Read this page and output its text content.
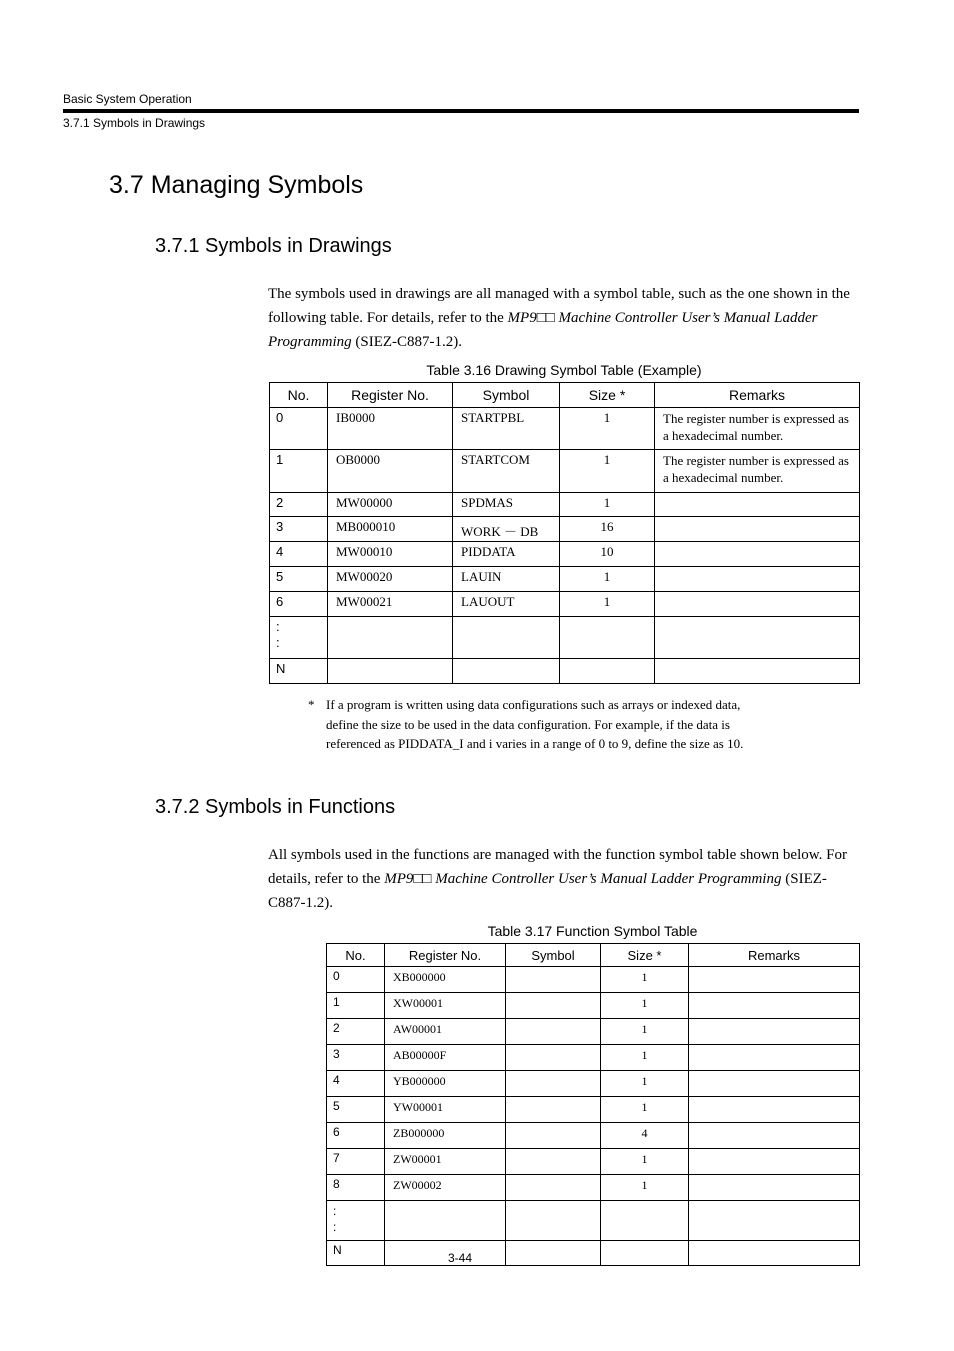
Basic System Operation
3.7.1 Symbols in Drawings
3.7 Managing Symbols
3.7.1 Symbols in Drawings
The symbols used in drawings are all managed with a symbol table, such as the one shown in the following table. For details, refer to the MP9□□ Machine Controller User’s Manual Ladder Programming (SIEZ-C887-1.2).
Table 3.16 Drawing Symbol Table (Example)
No.	Register No.	Symbol	Size *	Remarks
0	IB0000	STARTPBL	1	The register number is expressed as a hexadecimal number.
1	OB0000	STARTCOM	1	The register number is expressed as a hexadecimal number.
2	MW00000	SPDMAS	1	
3	MB000010	WORK － DB	16	
4	MW00010	PIDDATA	10	
5	MW00020	LAUIN	1	
6	MW00021	LAUOUT	1	
:
:				
N				
* If a program is written using data configurations such as arrays or indexed data, define the size to be used in the data configuration. For example, if the data is referenced as PIDDATA_I and i varies in a range of 0 to 9, define the size as 10.
3.7.2 Symbols in Functions
All symbols used in the functions are managed with the function symbol table shown below. For details, refer to the MP9□□ Machine Controller User’s Manual Ladder Programming (SIEZ-C887-1.2).
Table 3.17 Function Symbol Table
No.	Register No.	Symbol	Size *	Remarks
0	XB000000		1	
1	XW00001		1	
2	AW00001		1	
3	AB00000F		1	
4	YB000000		1	
5	YW00001		1	
6	ZB000000		4	
7	ZW00001		1	
8	ZW00002		1	
:
:				
N				
3-44
